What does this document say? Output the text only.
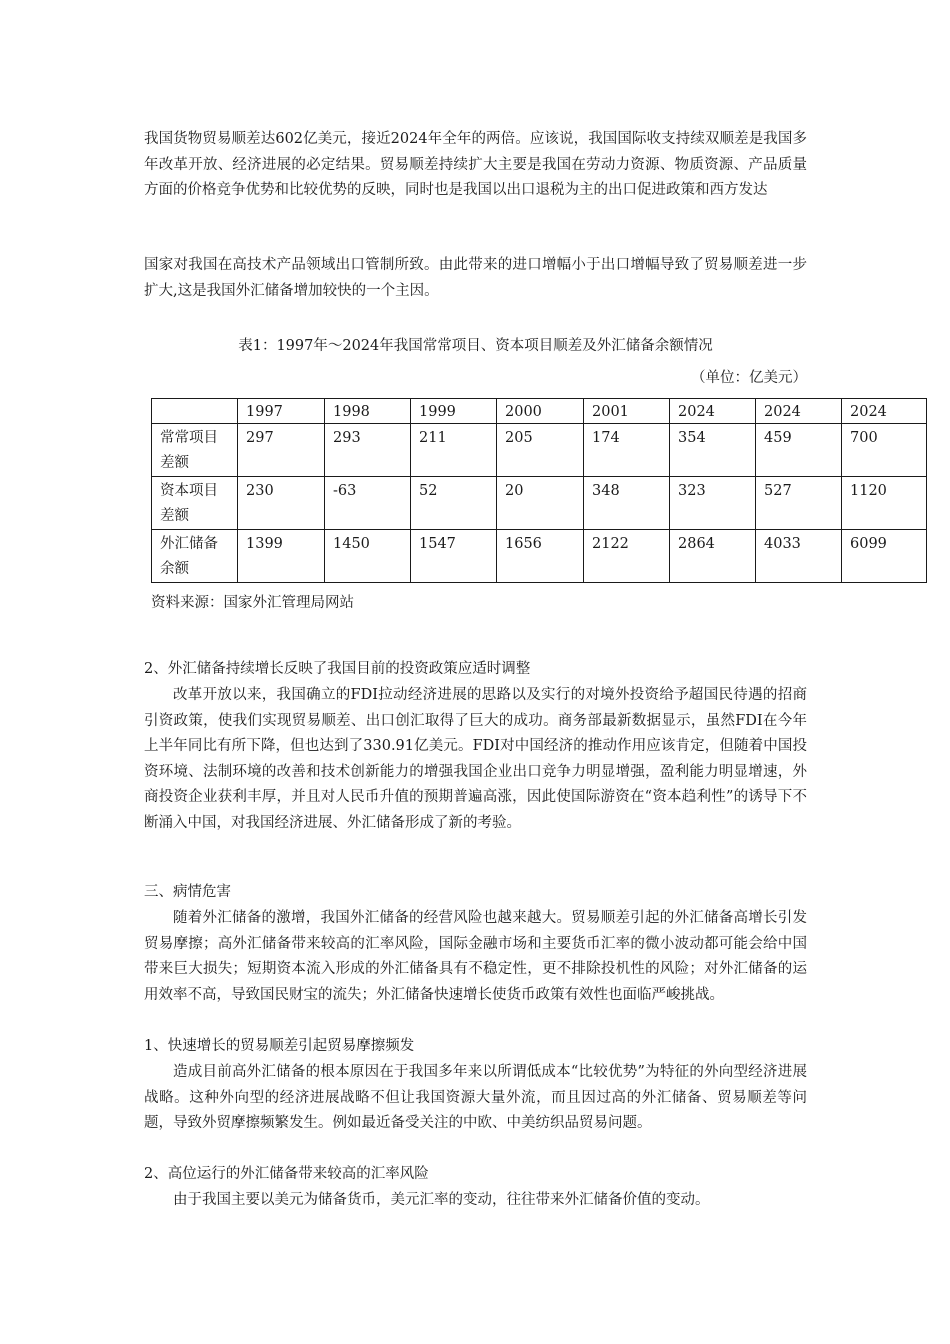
我国货物贸易顺差达602亿美元，接近2024年全年的两倍。应该说，我国国际收支持续双顺差是我国多年改革开放、经济进展的必定结果。贸易顺差持续扩大主要是我国在劳动力资源、物质资源、产品质量方面的价格竞争优势和比较优势的反映，同时也是我国以出口退税为主的出口促进政策和西方发达

国家对我国在高技术产品领域出口管制所致。由此带来的进口增幅小于出口增幅导致了贸易顺差进一步扩大,这是我国外汇储备增加较快的一个主因。

表1：1997年～2024年我国常常项目、资本项目顺差及外汇储备余额情况
（单位：亿美元）
	1997	1998	1999	2000	2001	2024	2024	2024
常常项目差额	297	293	211	205	174	354	459	700
资本项目差额	230	-63	52	20	348	323	527	1120
外汇储备余额	1399	1450	1547	1656	2122	2864	4033	6099
资料来源：国家外汇管理局网站
2、外汇储备持续增长反映了我国目前的投资政策应适时调整

改革开放以来，我国确立的FDI拉动经济进展的思路以及实行的对境外投资给予超国民待遇的招商引资政策，使我们实现贸易顺差、出口创汇取得了巨大的成功。商务部最新数据显示，虽然FDI在今年上半年同比有所下降，但也达到了330.91亿美元。FDI对中国经济的推动作用应该肯定，但随着中国投资环境、法制环境的改善和技术创新能力的增强我国企业出口竞争力明显增强，盈利能力明显增速，外商投资企业获利丰厚，并且对人民币升值的预期普遍高涨，因此使国际游资在“资本趋利性”的诱导下不断涌入中国，对我国经济进展、外汇储备形成了新的考验。

三、病情危害

随着外汇储备的激增，我国外汇储备的经营风险也越来越大。贸易顺差引起的外汇储备高增长引发贸易摩擦；高外汇储备带来较高的汇率风险，国际金融市场和主要货币汇率的微小波动都可能会给中国带来巨大损失；短期资本流入形成的外汇储备具有不稳定性，更不排除投机性的风险；对外汇储备的运用效率不高，导致国民财宝的流失；外汇储备快速增长使货币政策有效性也面临严峻挑战。

1、快速增长的贸易顺差引起贸易摩擦频发

造成目前高外汇储备的根本原因在于我国多年来以所谓低成本“比较优势”为特征的外向型经济进展战略。这种外向型的经济进展战略不但让我国资源大量外流，而且因过高的外汇储备、贸易顺差等问题，导致外贸摩擦频繁发生。例如最近备受关注的中欧、中美纺织品贸易问题。

2、高位运行的外汇储备带来较高的汇率风险

由于我国主要以美元为储备货币，美元汇率的变动，往往带来外汇储备价值的变动。
